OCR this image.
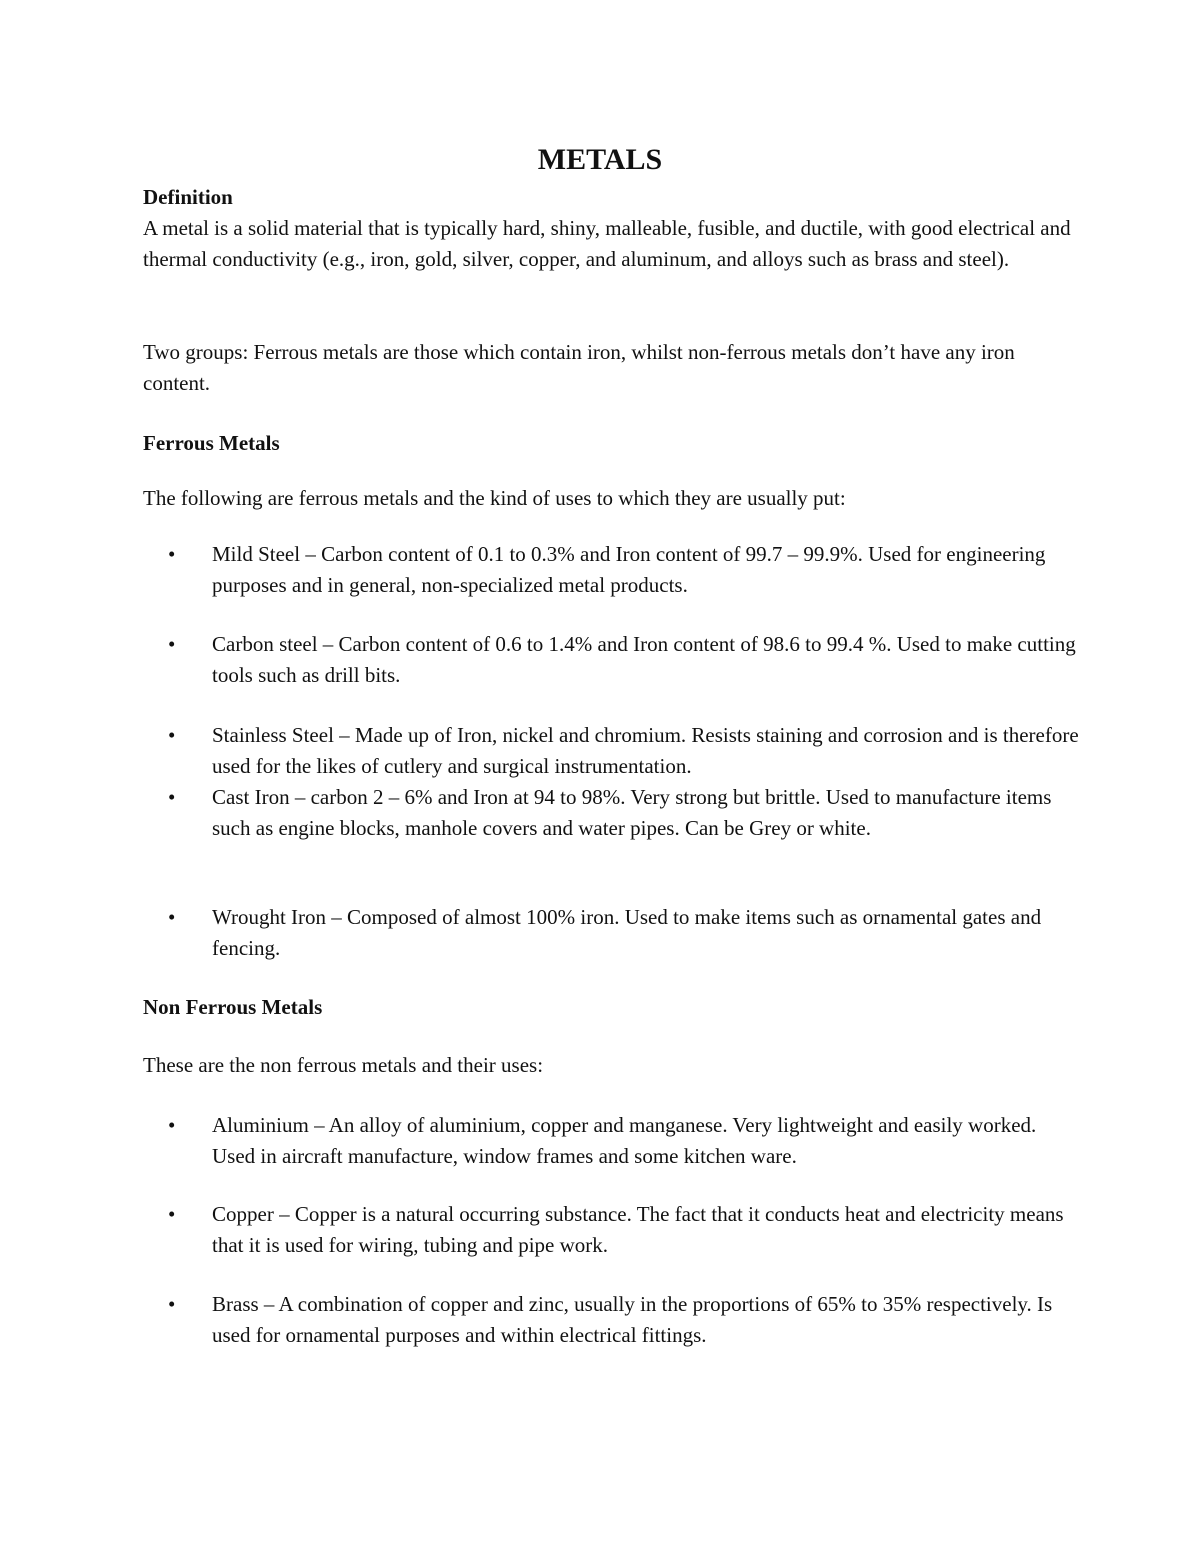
METALS
Definition

A metal is a solid material that is typically hard, shiny, malleable, fusible, and ductile, with good electrical and thermal conductivity (e.g., iron, gold, silver, copper, and aluminum, and alloys such as brass and steel).

Two groups: Ferrous metals are those which contain iron, whilst non-ferrous metals don’t have any iron content.

Ferrous Metals

The following are ferrous metals and the kind of uses to which they are usually put:

• Mild Steel – Carbon content of 0.1 to 0.3% and Iron content of 99.7 – 99.9%. Used for engineering purposes and in general, non-specialized metal products.

• Carbon steel – Carbon content of 0.6 to 1.4% and Iron content of 98.6 to 99.4 %. Used to make cutting tools such as drill bits.

• Stainless Steel – Made up of Iron, nickel and chromium. Resists staining and corrosion and is therefore used for the likes of cutlery and surgical instrumentation.

• Cast Iron – carbon 2 – 6% and Iron at 94 to 98%. Very strong but brittle. Used to manufacture items such as engine blocks, manhole covers and water pipes. Can be Grey or white.

• Wrought Iron – Composed of almost 100% iron. Used to make items such as ornamental gates and fencing.

Non Ferrous Metals

These are the non ferrous metals and their uses:

• Aluminium – An alloy of aluminium, copper and manganese. Very lightweight and easily worked. Used in aircraft manufacture, window frames and some kitchen ware.

• Copper – Copper is a natural occurring substance. The fact that it conducts heat and electricity means that it is used for wiring, tubing and pipe work.

• Brass – A combination of copper and zinc, usually in the proportions of 65% to 35% respectively. Is used for ornamental purposes and within electrical fittings.
